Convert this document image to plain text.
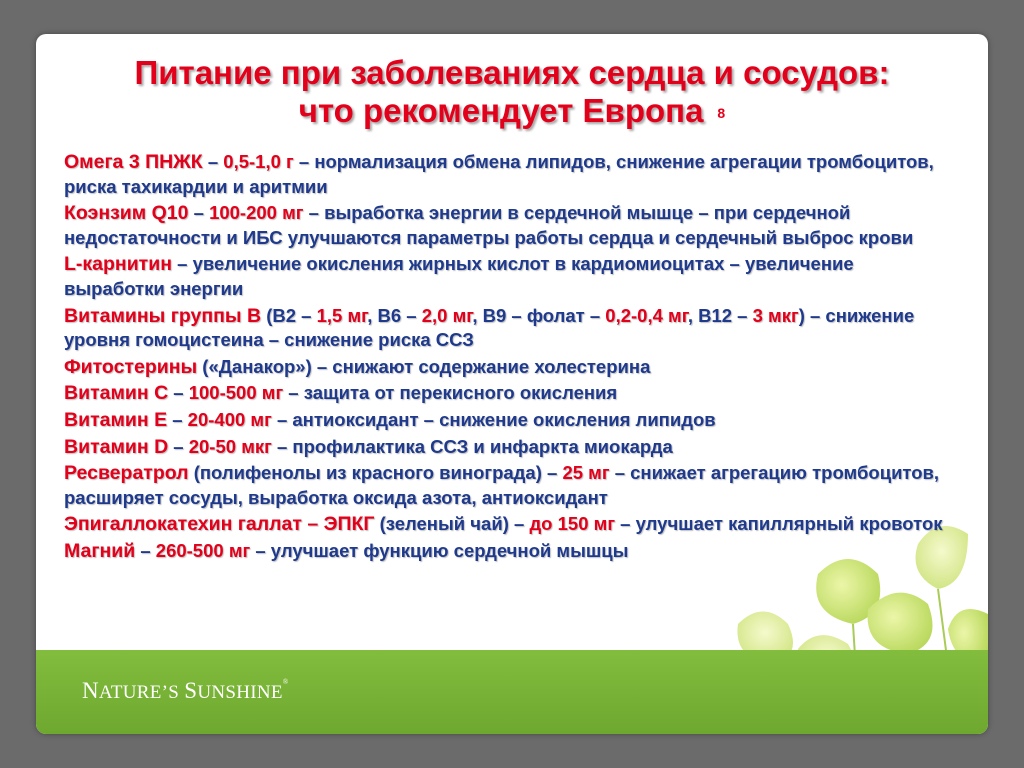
Питание при заболеваниях сердца и сосудов:
что рекомендует Европа 8

Омега 3 ПНЖК – 0,5-1,0 г – нормализация обмена липидов, снижение агрегации тромбоцитов, риска тахикардии и аритмии

Коэнзим Q10 – 100-200 мг – выработка энергии в сердечной мышце – при сердечной недостаточности и ИБС улучшаются параметры работы сердца и сердечный выброс крови

L-карнитин – увеличение окисления жирных кислот в кардиомиоцитах – увеличение выработки энергии

Витамины группы В (В2 – 1,5 мг, В6 – 2,0 мг, В9 – фолат – 0,2-0,4 мг, В12 – 3 мкг) – снижение уровня гомоцистеина – снижение риска ССЗ

Фитостерины («Данакор») – снижают содержание холестерина

Витамин С – 100-500 мг – защита от перекисного окисления

Витамин Е – 20-400 мг – антиоксидант – снижение окисления липидов

Витамин D – 20-50 мкг – профилактика ССЗ и инфаркта миокарда

Ресвератрол (полифенолы из красного винограда) – 25 мг – снижает агрегацию тромбоцитов, расширяет сосуды, выработка оксида азота, антиоксидант

Эпигаллокатехин галлат – ЭПКГ (зеленый чай) – до 150 мг – улучшает капиллярный кровоток

Магний – 260-500 мг – улучшает функцию сердечной мышцы

NATURE’S SUNSHINE®
